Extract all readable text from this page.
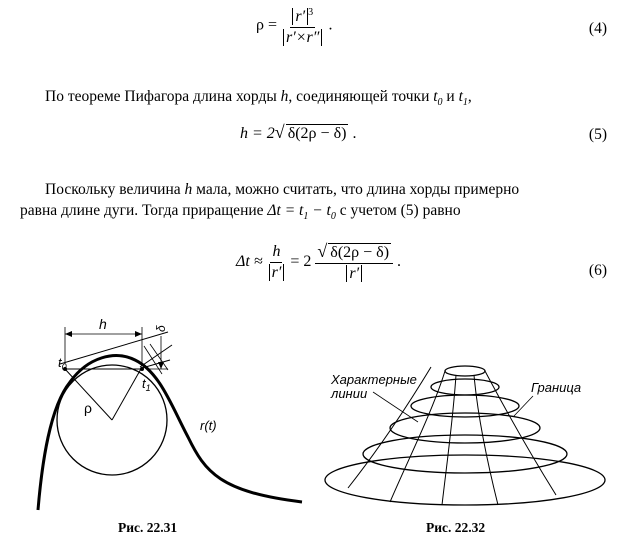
$\rho = \frac{r' ^3}{r'\times r''}$ .	(4)
По теореме Пифагора длина хорды h, соединяющей точки $t_0$ и $t_1$,
h = 2√ δ(2ρ − δ) .	(5)
Поскольку величина h мала, можно считать, что длина хорды примерно
равна длине дуги. Тогда приращение $\Delta t = t_1 - t_0$ с учетом (5) равно
$\Delta t \approx \frac{h}{r'} = 2 \frac{√ \delta(2\rho - \delta)}{r'}$ .
(6)
h	δ
$t_0$
$t_1$
ρ
r(t)
Рис. 22.31
Характерные
линии	Граница
Рис. 22.32
